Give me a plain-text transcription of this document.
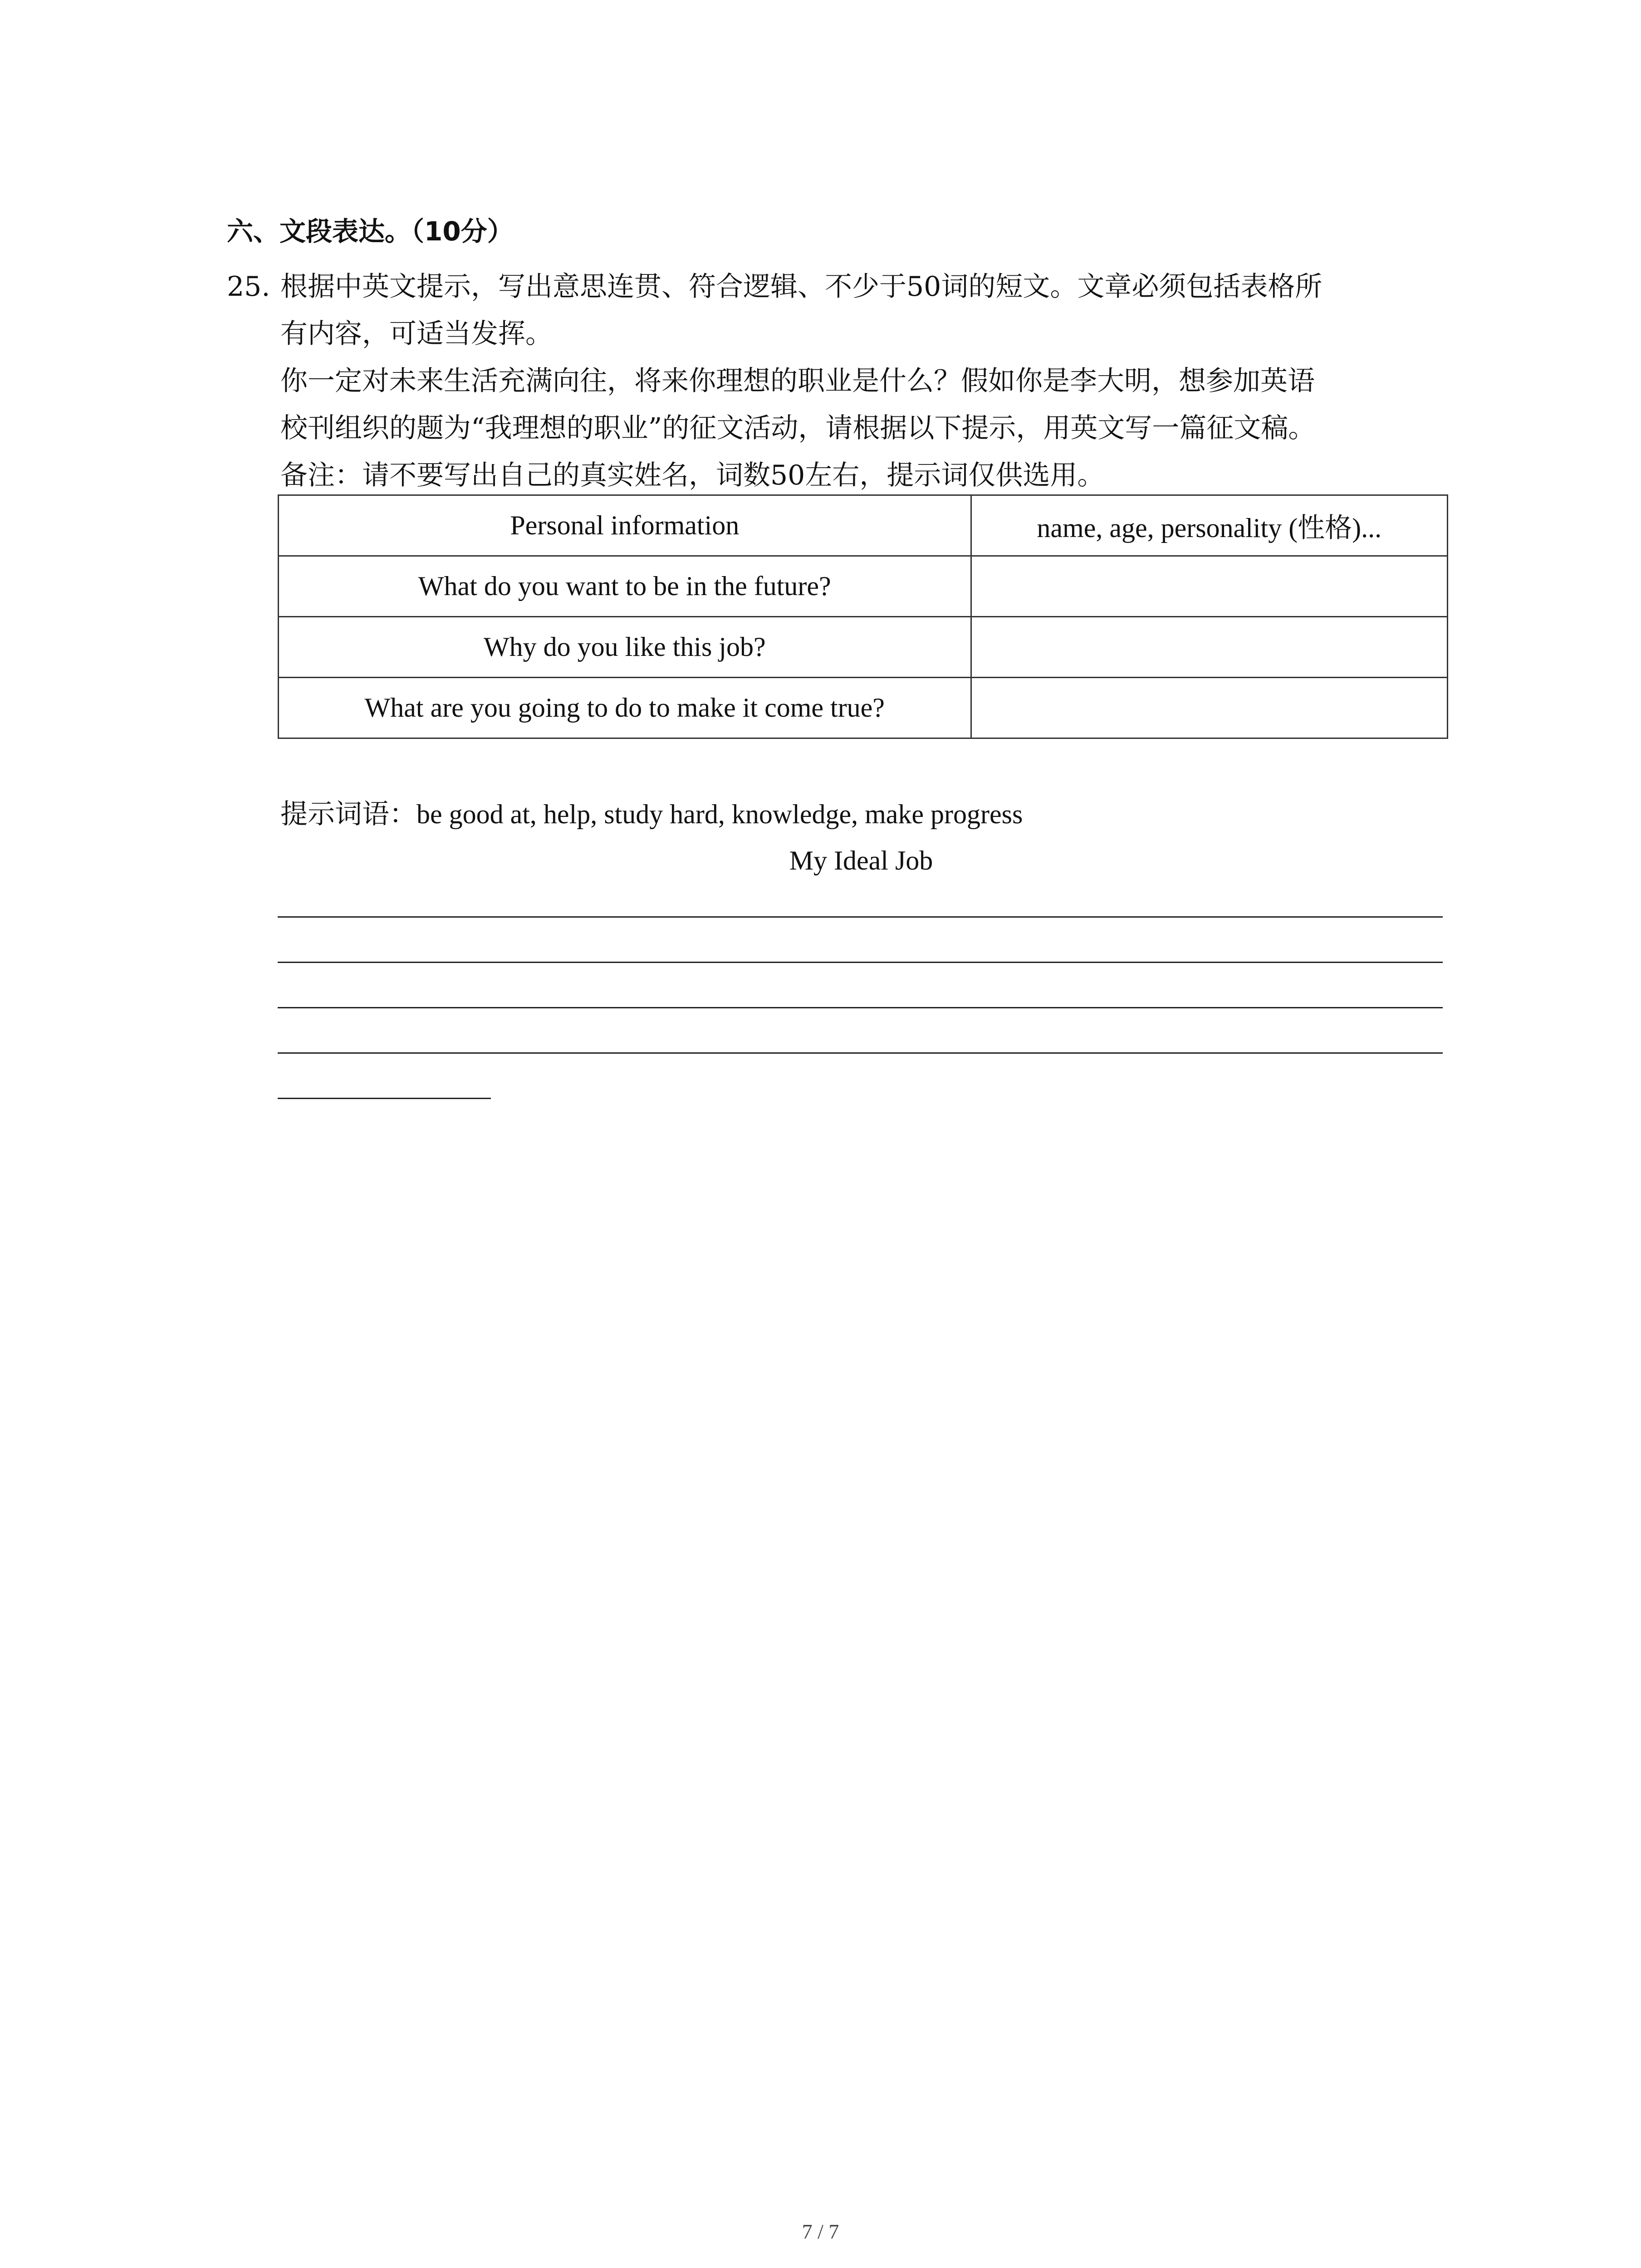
六、文段表达。（10分）
25. 根据中英文提示，写出意思连贯、符合逻辑、不少于50词的短文。文章必须包括表格所

有内容，可适当发挥。

你一定对未来生活充满向往，将来你理想的职业是什么？假如你是李大明，想参加英语

校刊组织的题为“我理想的职业”的征文活动，请根据以下提示，用英文写一篇征文稿。

备注：请不要写出自己的真实姓名，词数50左右，提示词仅供选用。

Personal information	name, age, personality (性格)...
What do you want to be in the future?	
Why do you like this job?	
What are you going to do to make it come true?	
提示词语：be good at, help, study hard, knowledge, make progress
My Ideal Job
7 / 7
